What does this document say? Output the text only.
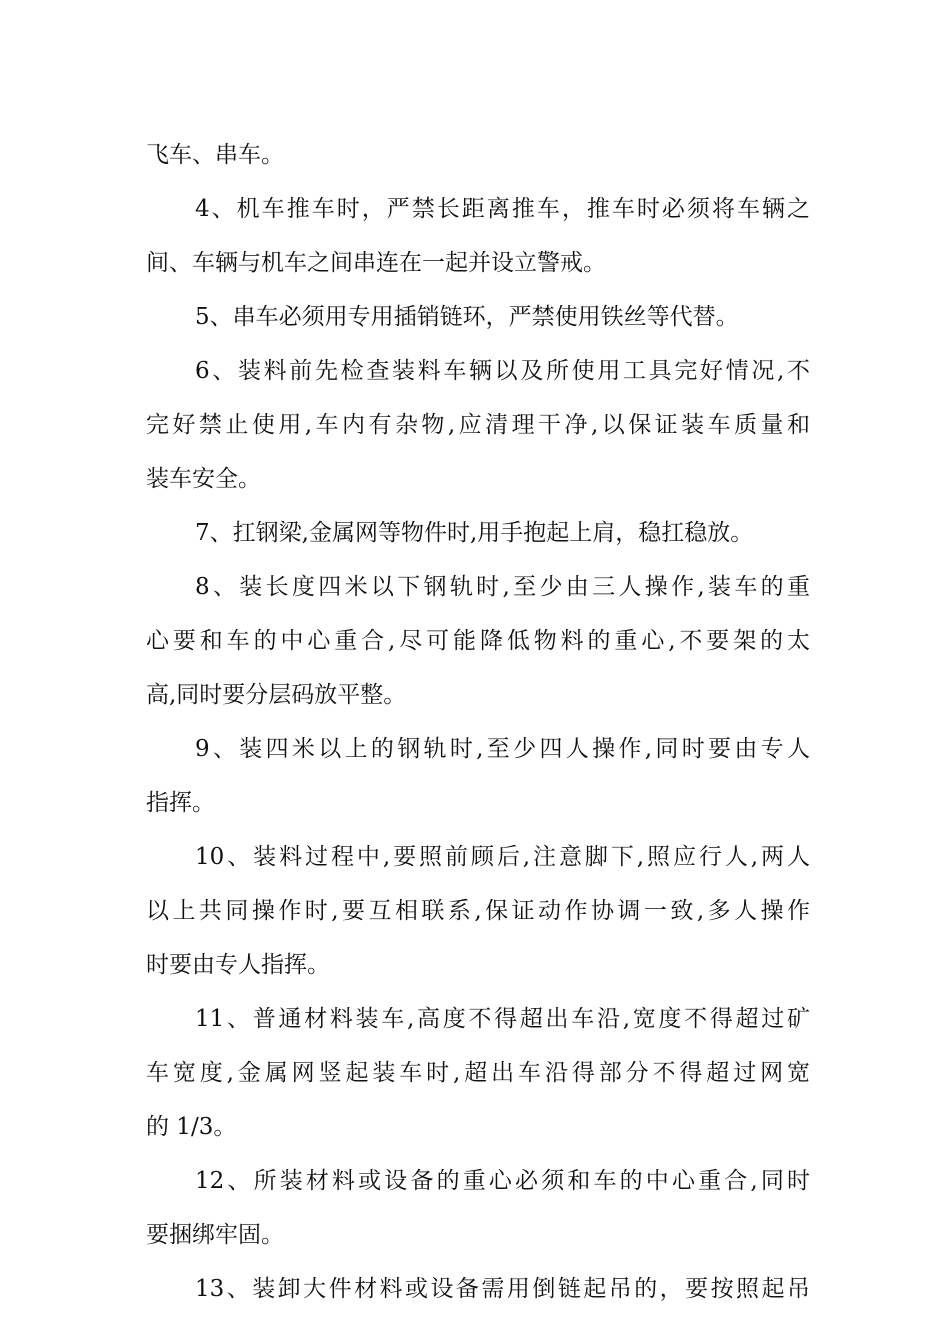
飞车、串车。
4、机车推车时，严禁长距离推车，推车时必须将车辆之
间、车辆与机车之间串连在一起并设立警戒。
5、串车必须用专用插销链环，严禁使用铁丝等代替。
6、装料前先检查装料车辆以及所使用工具完好情况,不
完好禁止使用,车内有杂物,应清理干净,以保证装车质量和
装车安全。
7、扛钢梁,金属网等物件时,用手抱起上肩，稳扛稳放。
8、装长度四米以下钢轨时,至少由三人操作,装车的重
心要和车的中心重合,尽可能降低物料的重心,不要架的太
高,同时要分层码放平整。
9、装四米以上的钢轨时,至少四人操作,同时要由专人
指挥。
10、装料过程中,要照前顾后,注意脚下,照应行人,两人
以上共同操作时,要互相联系,保证动作协调一致,多人操作
时要由专人指挥。
11、普通材料装车,高度不得超出车沿,宽度不得超过矿
车宽度,金属网竖起装车时,超出车沿得部分不得超过网宽
的 1/3。
12、所装材料或设备的重心必须和车的中心重合,同时
要捆绑牢固。
13、装卸大件材料或设备需用倒链起吊的，要按照起吊
